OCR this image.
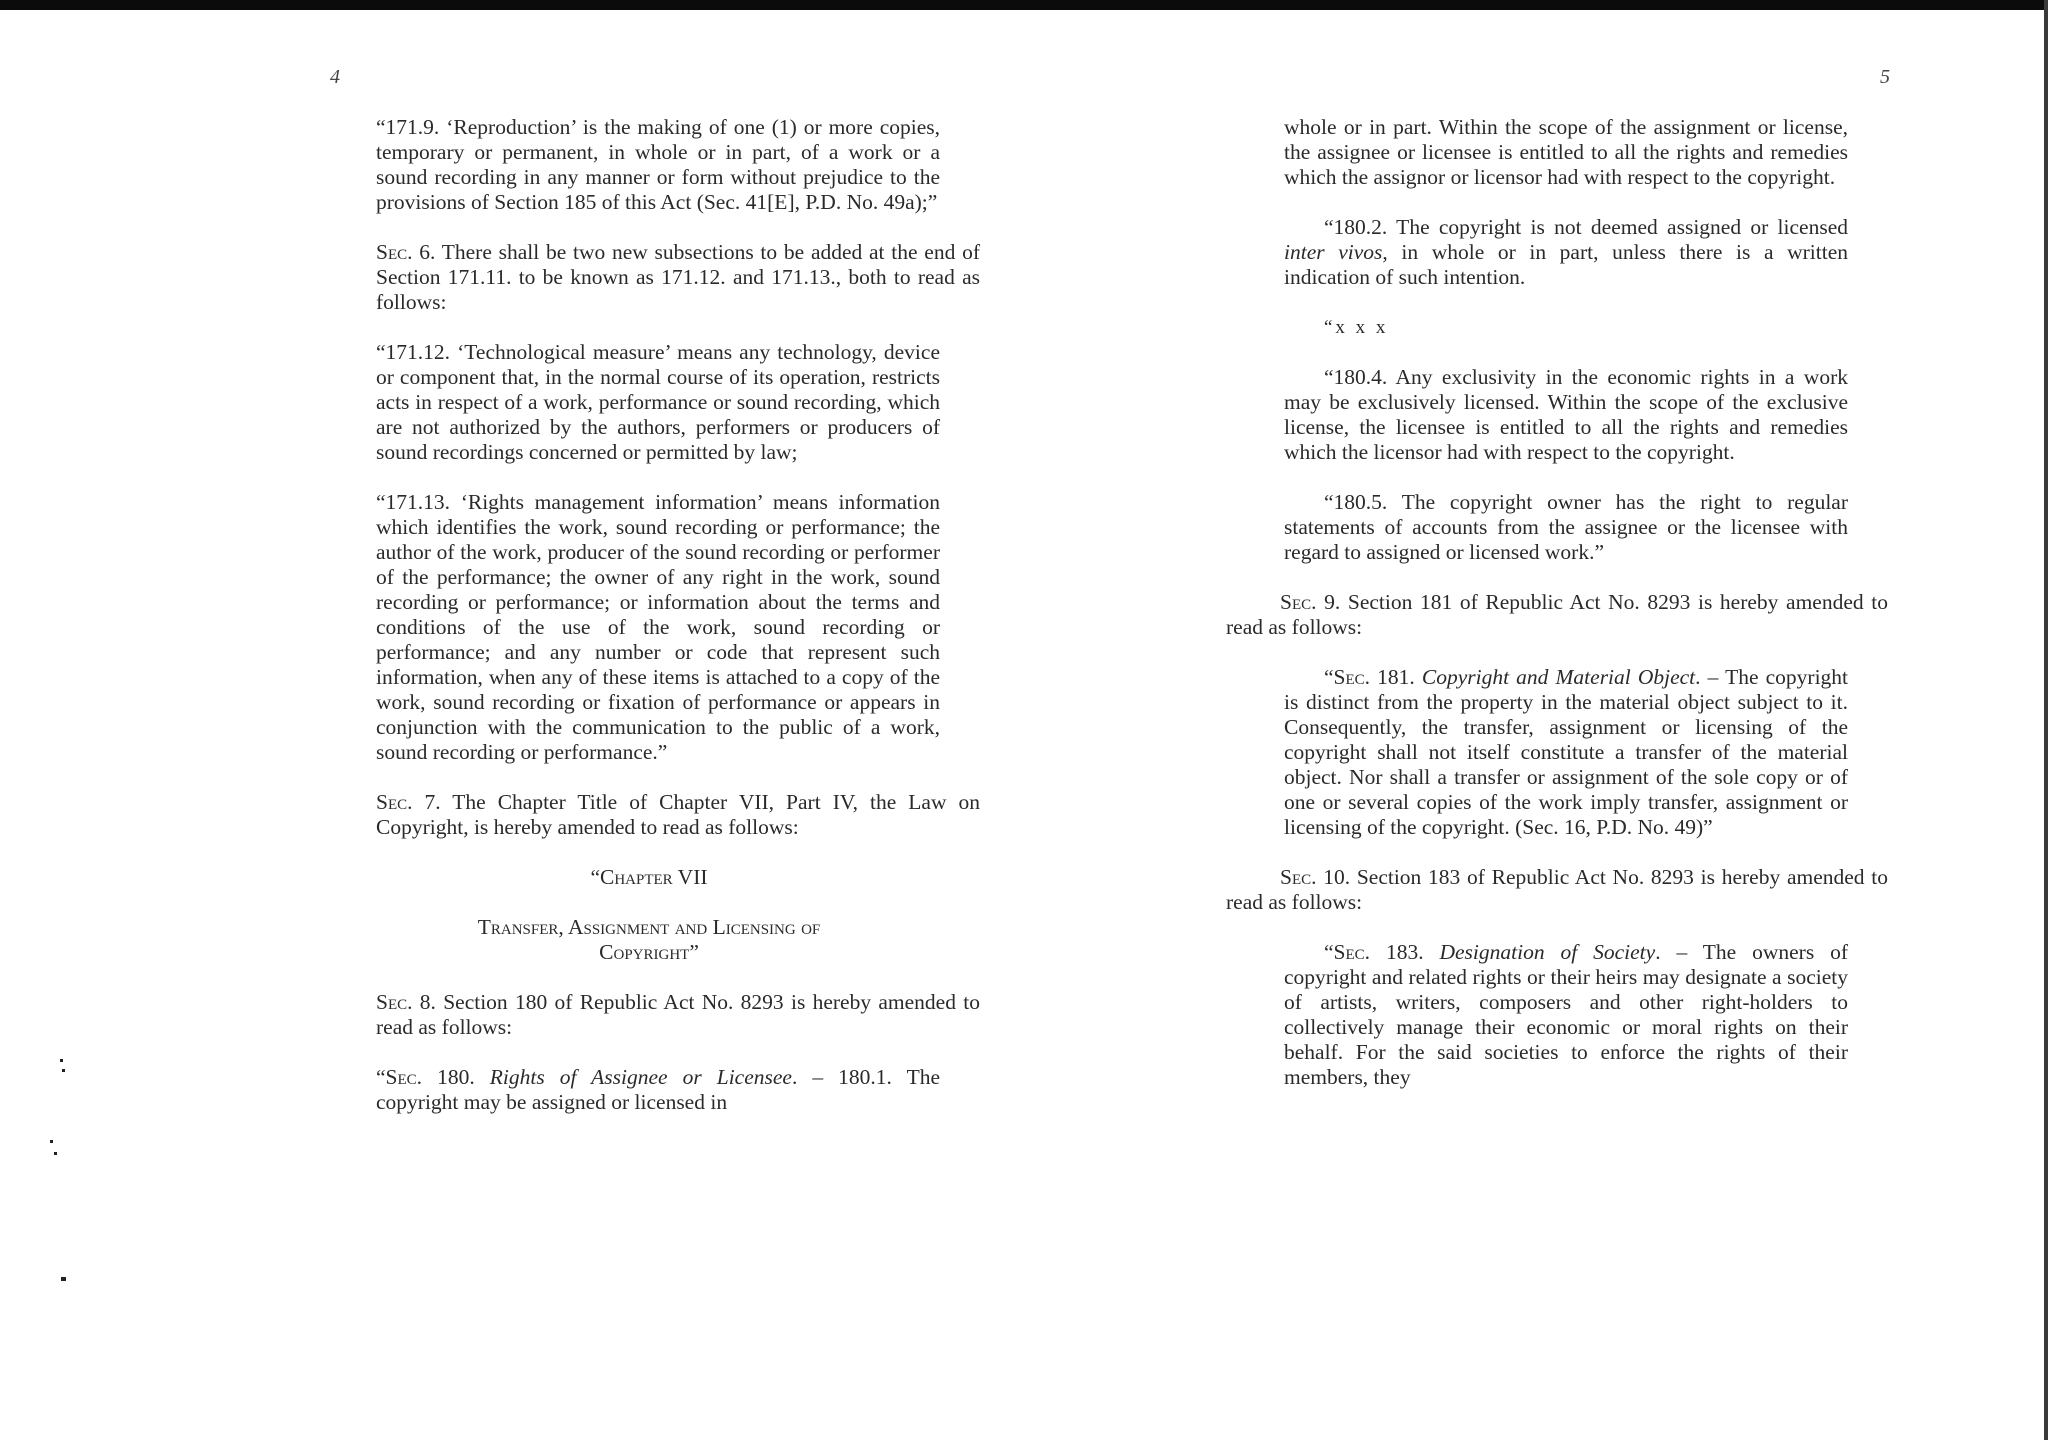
4	5

“171.9. ‘Reproduction’ is the making of one (1) or more copies, temporary or permanent, in whole or in part, of a work or a sound recording in any manner or form without prejudice to the provisions of Section 185 of this Act (Sec. 41[E], P.D. No. 49a);”

Sec. 6. There shall be two new subsections to be added at the end of Section 171.11. to be known as 171.12. and 171.13., both to read as follows:

“171.12. ‘Technological measure’ means any technology, device or component that, in the normal course of its operation, restricts acts in respect of a work, performance or sound recording, which are not authorized by the authors, performers or producers of sound recordings concerned or permitted by law;

“171.13. ‘Rights management information’ means information which identifies the work, sound recording or performance; the author of the work, producer of the sound recording or performer of the performance; the owner of any right in the work, sound recording or performance; or information about the terms and conditions of the use of the work, sound recording or performance; and any number or code that represent such information, when any of these items is attached to a copy of the work, sound recording or fixation of performance or appears in conjunction with the communication to the public of a work, sound recording or performance.”

Sec. 7. The Chapter Title of Chapter VII, Part IV, the Law on Copyright, is hereby amended to read as follows:

“Chapter VII

Transfer, Assignment and Licensing of
Copyright”

Sec. 8. Section 180 of Republic Act No. 8293 is hereby amended to read as follows:

“Sec. 180. Rights of Assignee or Licensee. – 180.1. The copyright may be assigned or licensed in

whole or in part. Within the scope of the assignment or license, the assignee or licensee is entitled to all the rights and remedies which the assignor or licensor had with respect to the copyright.

“180.2. The copyright is not deemed assigned or licensed inter vivos, in whole or in part, unless there is a written indication of such intention.

“x x x

“180.4. Any exclusivity in the economic rights in a work may be exclusively licensed. Within the scope of the exclusive license, the licensee is entitled to all the rights and remedies which the licensor had with respect to the copyright.

“180.5. The copyright owner has the right to regular statements of accounts from the assignee or the licensee with regard to assigned or licensed work.”

Sec. 9. Section 181 of Republic Act No. 8293 is hereby amended to read as follows:

“Sec. 181. Copyright and Material Object. – The copyright is distinct from the property in the material object subject to it. Consequently, the transfer, assignment or licensing of the copyright shall not itself constitute a transfer of the material object. Nor shall a transfer or assignment of the sole copy or of one or several copies of the work imply transfer, assignment or licensing of the copyright. (Sec. 16, P.D. No. 49)”

Sec. 10. Section 183 of Republic Act No. 8293 is hereby amended to read as follows:

“Sec. 183. Designation of Society. – The owners of copyright and related rights or their heirs may designate a society of artists, writers, composers and other right-holders to collectively manage their economic or moral rights on their behalf. For the said societies to enforce the rights of their members, they
